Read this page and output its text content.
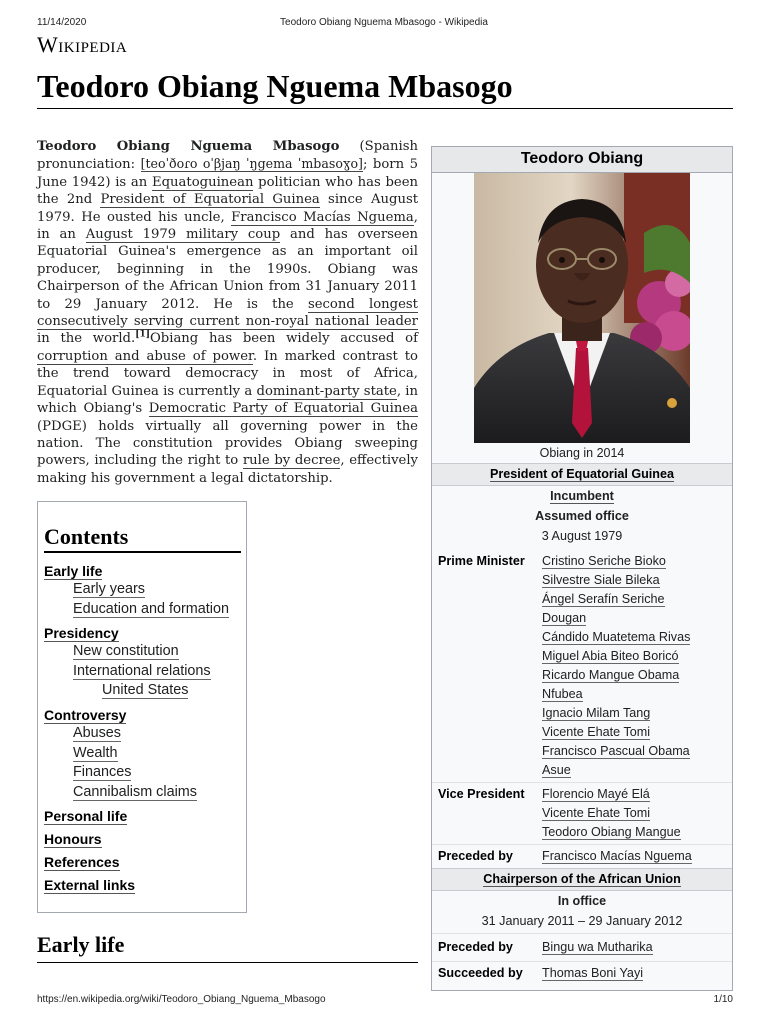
11/14/2020	Teodoro Obiang Nguema Mbasogo - Wikipedia
Wikipedia
Teodoro Obiang Nguema Mbasogo
Teodoro Obiang Nguema Mbasogo (Spanish pronunciation: [teoˈðoɾo oˈβjaŋ ˈŋgema ˈmbasoɣo]; born 5 June 1942) is an Equatoguinean politician who has been the 2nd President of Equatorial Guinea since August 1979. He ousted his uncle, Francisco Macías Nguema, in an August 1979 military coup and has overseen Equatorial Guinea's emergence as an important oil producer, beginning in the 1990s. Obiang was Chairperson of the African Union from 31 January 2011 to 29 January 2012. He is the second longest consecutively serving current non-royal national leader in the world.[1]Obiang has been widely accused of corruption and abuse of power. In marked contrast to the trend toward democracy in most of Africa, Equatorial Guinea is currently a dominant-party state, in which Obiang's Democratic Party of Equatorial Guinea (PDGE) holds virtually all governing power in the nation. The constitution provides Obiang sweeping powers, including the right to rule by decree, effectively making his government a legal dictatorship.
Contents
Early life
Early years
Education and formation
Presidency
New constitution
International relations
United States
Controversy
Abuses
Wealth
Finances
Cannibalism claims
Personal life
Honours
References
External links
Early life
Teodoro Obiang
Obiang in 2014
President of Equatorial Guinea
Incumbent
Assumed office
3 August 1979
Prime Minister	Cristino Seriche Bioko
Silvestre Siale Bileka
Ángel Serafín Seriche
Dougan
Cándido Muatetema Rivas
Miguel Abia Biteo Boricó
Ricardo Mangue Obama
Nfubea
Ignacio Milam Tang
Vicente Ehate Tomi
Francisco Pascual Obama
Asue
Vice President	Florencio Mayé Elá
Vicente Ehate Tomi
Teodoro Obiang Mangue
Preceded by	Francisco Macías Nguema
Chairperson of the African Union
In office
31 January 2011 – 29 January 2012
Preceded by	Bingu wa Mutharika
Succeeded by	Thomas Boni Yayi
https://en.wikipedia.org/wiki/Teodoro_Obiang_Nguema_Mbasogo	1/10
